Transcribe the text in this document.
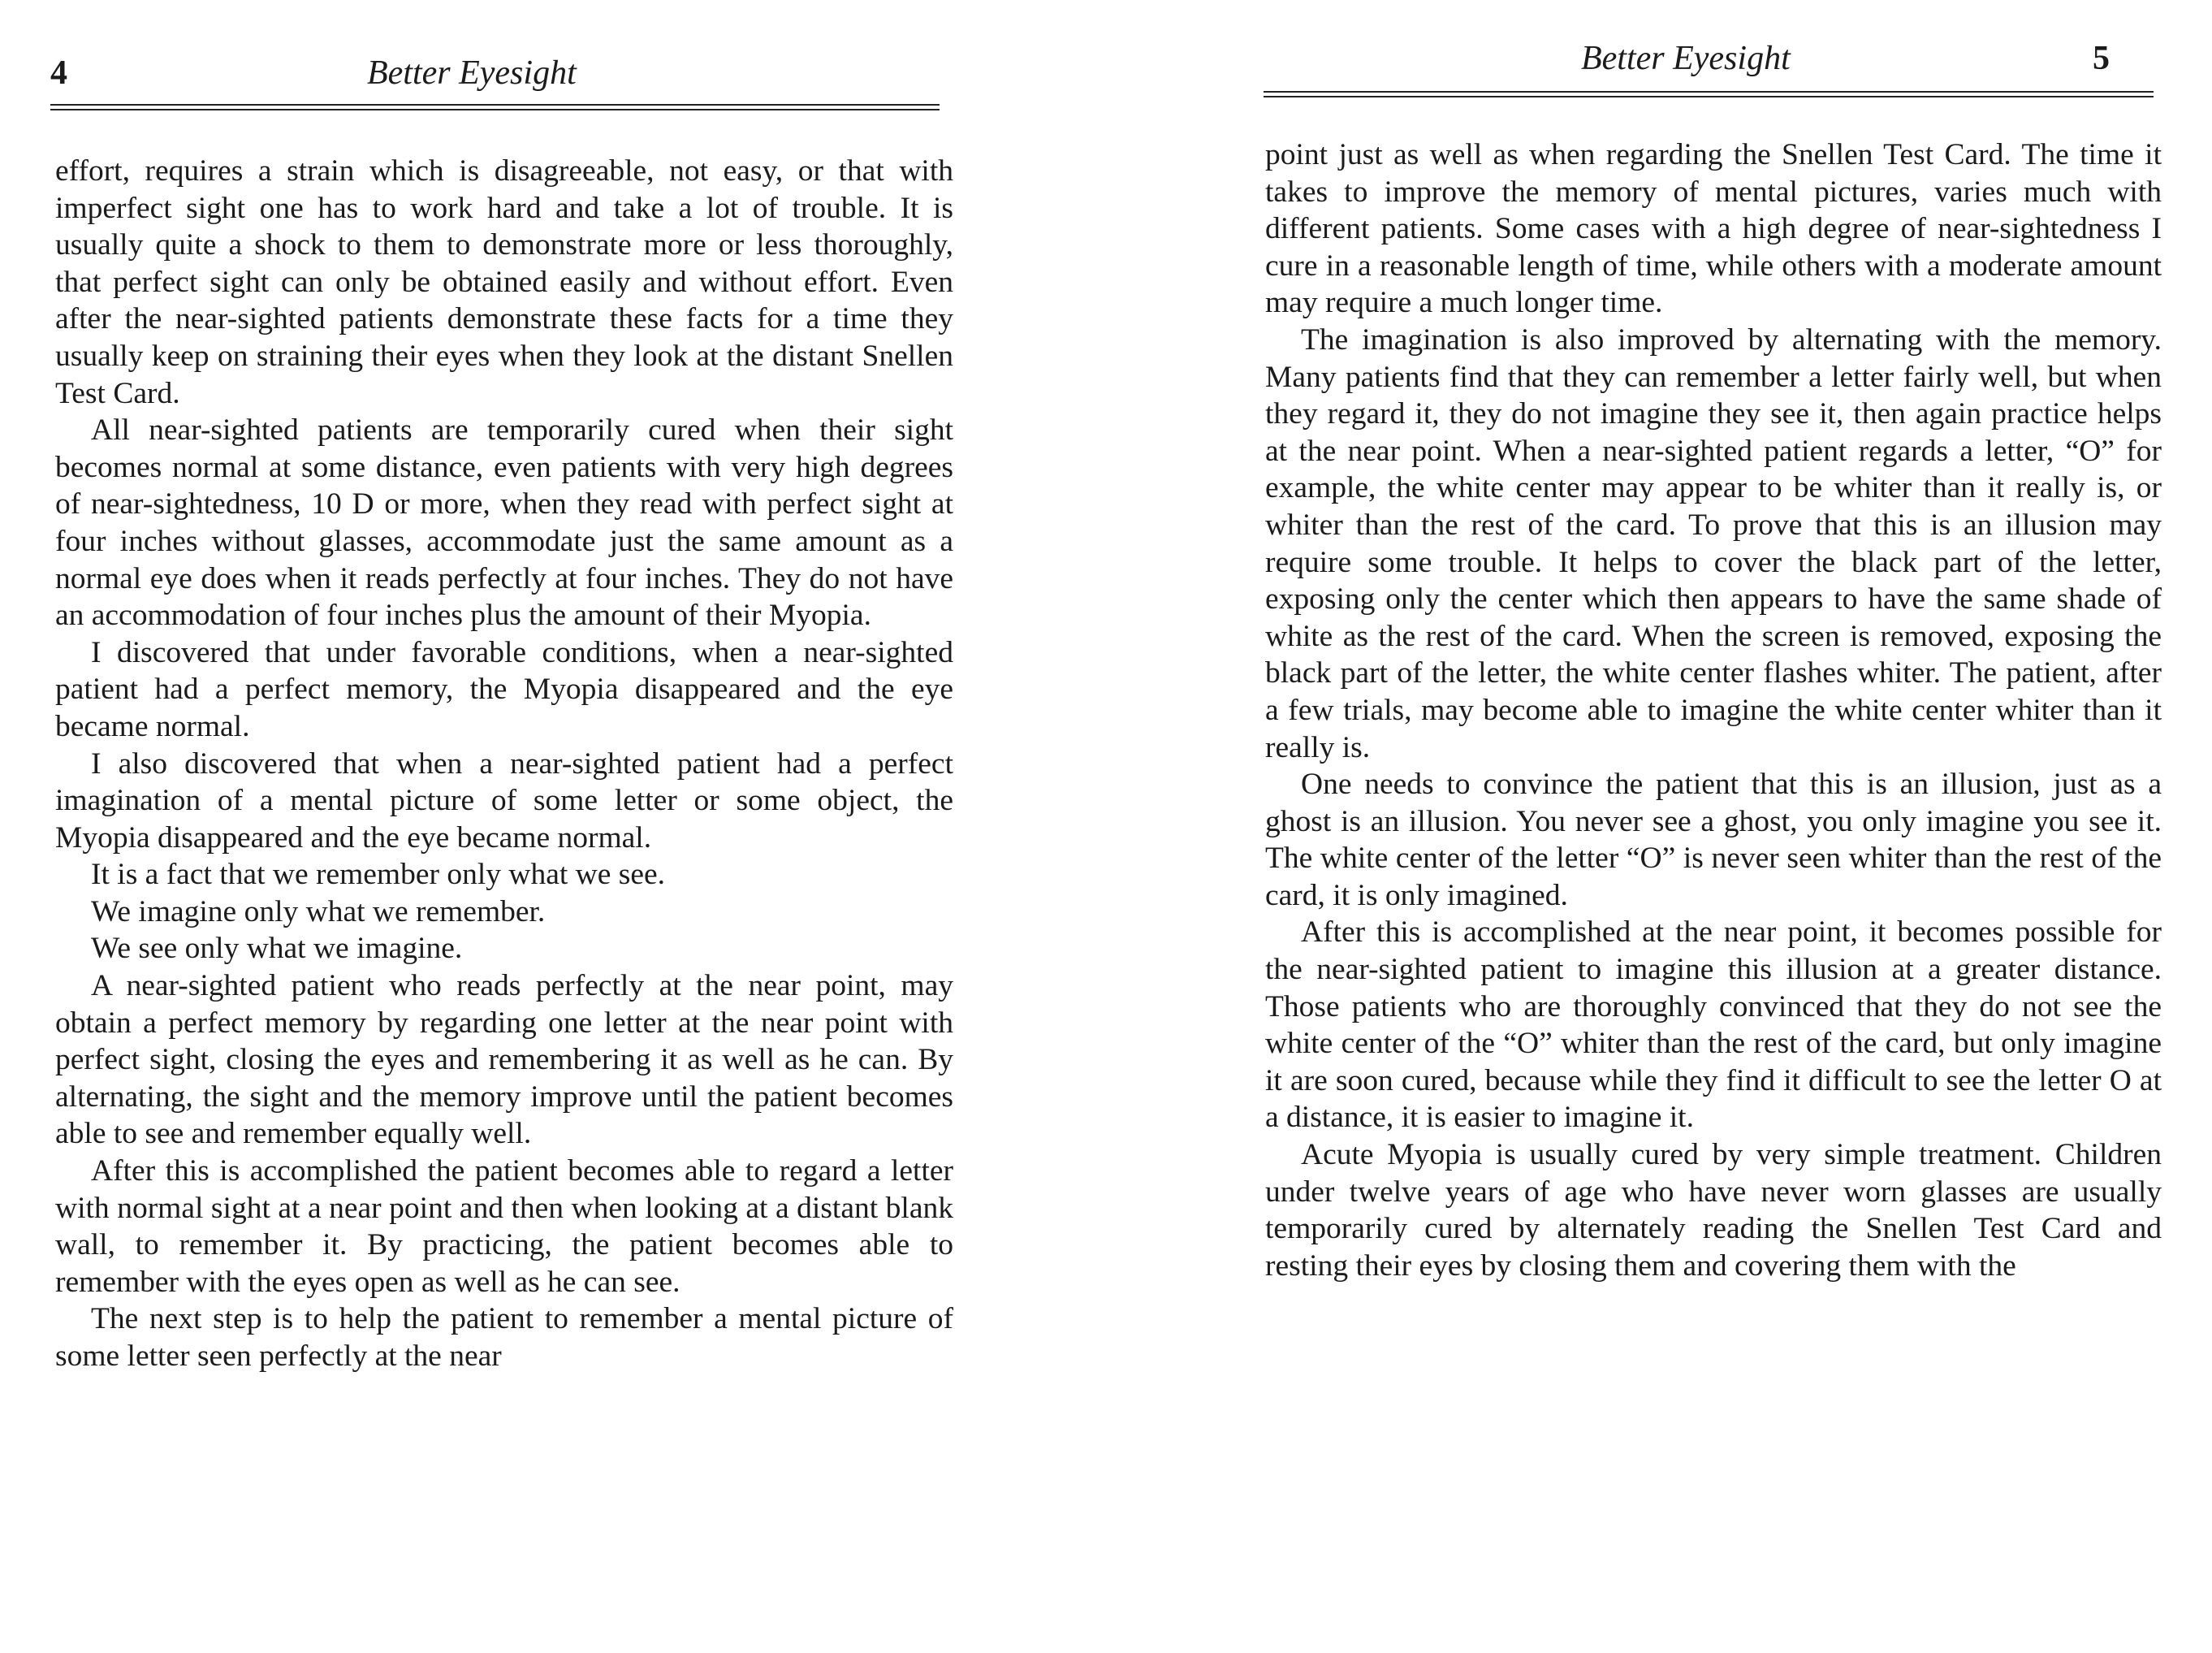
4	Better Eyesight

effort, requires a strain which is disagreeable, not easy, or that with imperfect sight one has to work hard and take a lot of trouble. It is usually quite a shock to them to demonstrate more or less thoroughly, that perfect sight can only be obtained easily and without effort. Even after the near-sighted patients demonstrate these facts for a time they usually keep on straining their eyes when they look at the distant Snellen Test Card.

All near-sighted patients are temporarily cured when their sight becomes normal at some distance, even patients with very high degrees of near-sightedness, 10 D or more, when they read with perfect sight at four inches without glasses, accommodate just the same amount as a normal eye does when it reads perfectly at four inches. They do not have an accommodation of four inches plus the amount of their Myopia.

I discovered that under favorable conditions, when a near-sighted patient had a perfect memory, the Myopia disappeared and the eye became normal.

I also discovered that when a near-sighted patient had a perfect imagination of a mental picture of some letter or some object, the Myopia disappeared and the eye became normal.

It is a fact that we remember only what we see.

We imagine only what we remember.

We see only what we imagine.

A near-sighted patient who reads perfectly at the near point, may obtain a perfect memory by regarding one letter at the near point with perfect sight, closing the eyes and remembering it as well as he can. By alternating, the sight and the memory improve until the patient becomes able to see and remember equally well.

After this is accomplished the patient becomes able to regard a letter with normal sight at a near point and then when looking at a distant blank wall, to remember it. By practicing, the patient becomes able to remember with the eyes open as well as he can see.

The next step is to help the patient to remember a mental picture of some letter seen perfectly at the near

Better Eyesight	5

point just as well as when regarding the Snellen Test Card. The time it takes to improve the memory of mental pictures, varies much with different patients. Some cases with a high degree of near-sightedness I cure in a reasonable length of time, while others with a moderate amount may require a much longer time.

The imagination is also improved by alternating with the memory. Many patients find that they can remember a letter fairly well, but when they regard it, they do not imagine they see it, then again practice helps at the near point. When a near-sighted patient regards a letter, “O” for example, the white center may appear to be whiter than it really is, or whiter than the rest of the card. To prove that this is an illusion may require some trouble. It helps to cover the black part of the letter, exposing only the center which then appears to have the same shade of white as the rest of the card. When the screen is removed, exposing the black part of the letter, the white center flashes whiter. The patient, after a few trials, may become able to imagine the white center whiter than it really is.

One needs to convince the patient that this is an illusion, just as a ghost is an illusion. You never see a ghost, you only imagine you see it. The white center of the letter “O” is never seen whiter than the rest of the card, it is only imagined.

After this is accomplished at the near point, it becomes possible for the near-sighted patient to imagine this illusion at a greater distance. Those patients who are thoroughly convinced that they do not see the white center of the “O” whiter than the rest of the card, but only imagine it are soon cured, because while they find it difficult to see the letter O at a distance, it is easier to imagine it.

Acute Myopia is usually cured by very simple treatment. Children under twelve years of age who have never worn glasses are usually temporarily cured by alternately reading the Snellen Test Card and resting their eyes by closing them and covering them with the
